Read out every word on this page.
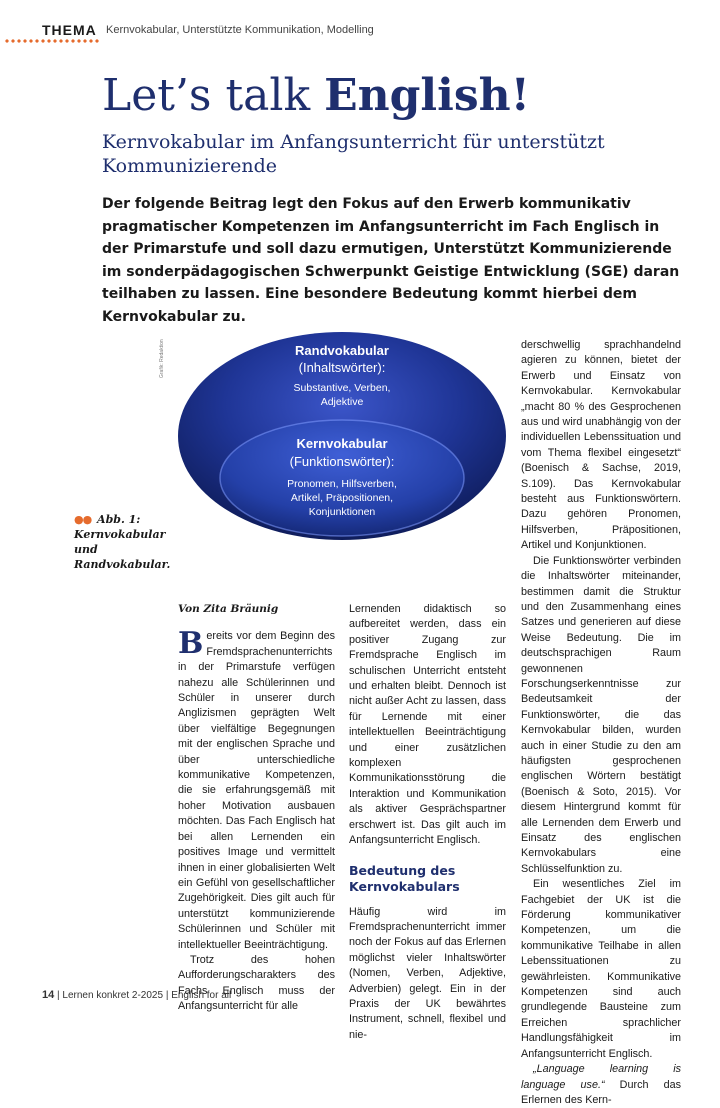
THEMA Kernvokabular, Unterstützte Kommunikation, Modelling
Let’s talk English!
Kernvokabular im Anfangsunterricht für unterstützt Kommunizierende
Der folgende Beitrag legt den Fokus auf den Erwerb kommunikativ pragmatischer Kompetenzen im Anfangsunterricht im Fach Englisch in der Primarstufe und soll dazu ermutigen, Unterstützt Kommunizierende im sonderpädagogischen Schwerpunkt Geistige Entwicklung (SGE) daran teilhaben zu lassen. Eine besondere Bedeutung kommt hierbei dem Kernvokabular zu.
Grafik: Redaktion	Randvokabular
(Inhaltswörter):
Substantive, Verben,
Adjektive
Kernvokabular
(Funktionswörter):
Pronomen, Hilfsverben,
Artikel, Präpositionen,
Konjunktionen
●● Abb. 1: Kernvokabular und Randvokabular.

Von Zita Bräunig

Bereits vor dem Beginn des Fremdsprachenunterrichts in der Primarstufe verfügen nahezu alle Schülerinnen und Schüler in unserer durch Anglizismen geprägten Welt über vielfältige Begegnungen mit der englischen Sprache und über unterschiedliche kommunikative Kompetenzen, die sie erfahrungsgemäß mit hoher Motivation ausbauen möchten. Das Fach Englisch hat bei allen Lernenden ein positives Image und vermittelt ihnen in einer globalisierten Welt ein Gefühl von gesellschaftlicher Zugehörigkeit. Dies gilt auch für unterstützt kommunizierende Schülerinnen und Schüler mit intellektueller Beeinträchtigung.

Trotz des hohen Aufforderungscharakters des Fachs Englisch muss der Anfangsunterricht für alle

Lernenden didaktisch so aufbereitet werden, dass ein positiver Zugang zur Fremdsprache Englisch im schulischen Unterricht entsteht und erhalten bleibt. Dennoch ist nicht außer Acht zu lassen, dass für Lernende mit einer intellektuellen Beeinträchtigung und einer zusätzlichen komplexen Kommunikationsstörung die Interaktion und Kommunikation als aktiver Gesprächspartner erschwert ist. Das gilt auch im Anfangsunterricht Englisch.

Bedeutung des Kernvokabulars

Häufig wird im Fremdsprachenunterricht immer noch der Fokus auf das Erlernen möglichst vieler Inhaltswörter (Nomen, Verben, Adjektive, Adverbien) gelegt. Ein in der Praxis der UK bewährtes Instrument, schnell, flexibel und nie-

derschwellig sprachhandelnd agieren zu können, bietet der Erwerb und Einsatz von Kernvokabular. Kernvokabular „macht 80 % des Gesprochenen aus und wird unabhängig von der individuellen Lebenssituation und vom Thema flexibel eingesetzt“ (Boenisch & Sachse, 2019, S.109). Das Kernvokabular besteht aus Funktionswörtern. Dazu gehören Pronomen, Hilfsverben, Präpositionen, Artikel und Konjunktionen.

Die Funktionswörter verbinden die Inhaltswörter miteinander, bestimmen damit die Struktur und den Zusammenhang eines Satzes und generieren auf diese Weise Bedeutung. Die im deutschsprachigen Raum gewonnenen Forschungserkenntnisse zur Bedeutsamkeit der Funktionswörter, die das Kernvokabular bilden, wurden auch in einer Studie zu den am häufigsten gesprochenen englischen Wörtern bestätigt (Boenisch & Soto, 2015). Vor diesem Hintergrund kommt für alle Lernenden dem Erwerb und Einsatz des englischen Kernvokabulars eine Schlüsselfunktion zu.

Ein wesentliches Ziel im Fachgebiet der UK ist die Förderung kommunikativer Kompetenzen, um die kommunikative Teilhabe in allen Lebenssituationen zu gewährleisten. Kommunikative Kompetenzen sind auch grundlegende Bausteine zum Erreichen sprachlicher Handlungsfähigkeit im Anfangsunterricht Englisch.

„Language learning is language use.“ Durch das Erlernen des Kern-

14 | Lernen konkret 2-2025 | English for all
